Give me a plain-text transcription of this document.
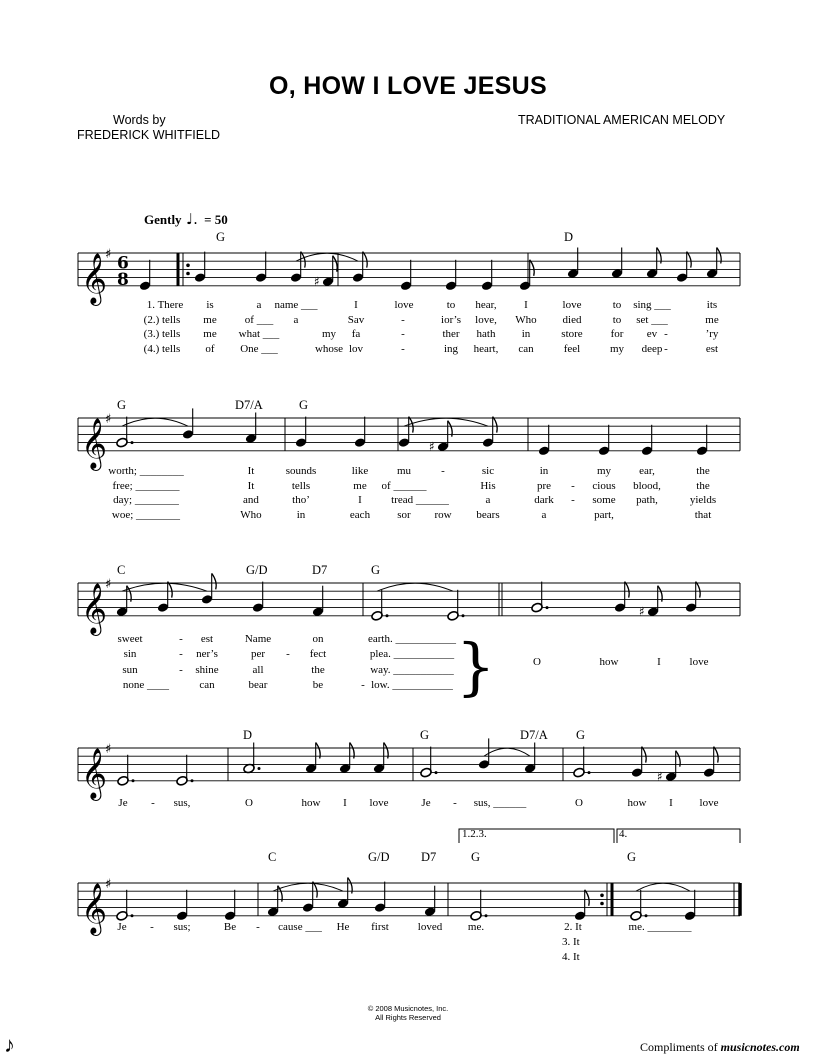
O, HOW I LOVE JESUS
Words by
FREDERICK WHITFIELD
TRADITIONAL AMERICAN MELODY
Gently = 50
G	D
G	D7/A	G
C	G/D	D7	G
D	G	D7/A G
C	G/D	D7	G	G
1. There is	a name ___	I	love	to hear,	I	love	to sing ___	its
(2.) tells me	of ___ a	Sav	-	ior’s love, Who died	to set ___	me
(3.) tells me what ___	my fa	-	ther hath in	store	for ev -	’ry
(4.) tells of One ___	whose lov	-	ing heart, can	feel	my deep -	est
worth; ________	It	sounds	like	mu	-	sic	in	my	ear,	the
free; ________	It	tells	me of ______	His	pre - cious blood,	the
day; ________	and	tho’	I	tread ______	a	dark - some path,	yields
woe; ________	Who	in	each sor row bears	a	part,	that
sweet	- est	Name	on	earth. ___________
sin	- ner’s	per - fect	plea. ___________
sun	- shine	all	the	way. ___________
none ____	can	bear	be	- low. ___________
O	how	I	love
Je - sus,	O	how I love	Je - sus, ______	O	how I love
Je - sus;	Be - cause ___ He first	loved me.	me. ________
2. It
3. It
4. It
1.2.3.	4.
© 2008 Musicnotes, Inc.
All Rights Reserved
Compliments of musicnotes.com
♪
𝄞
♯
𝄞
♯
𝄞
♯
𝄞
♯
𝄞
♯
6
8
♩.
♯
♯
♯
♯
}
